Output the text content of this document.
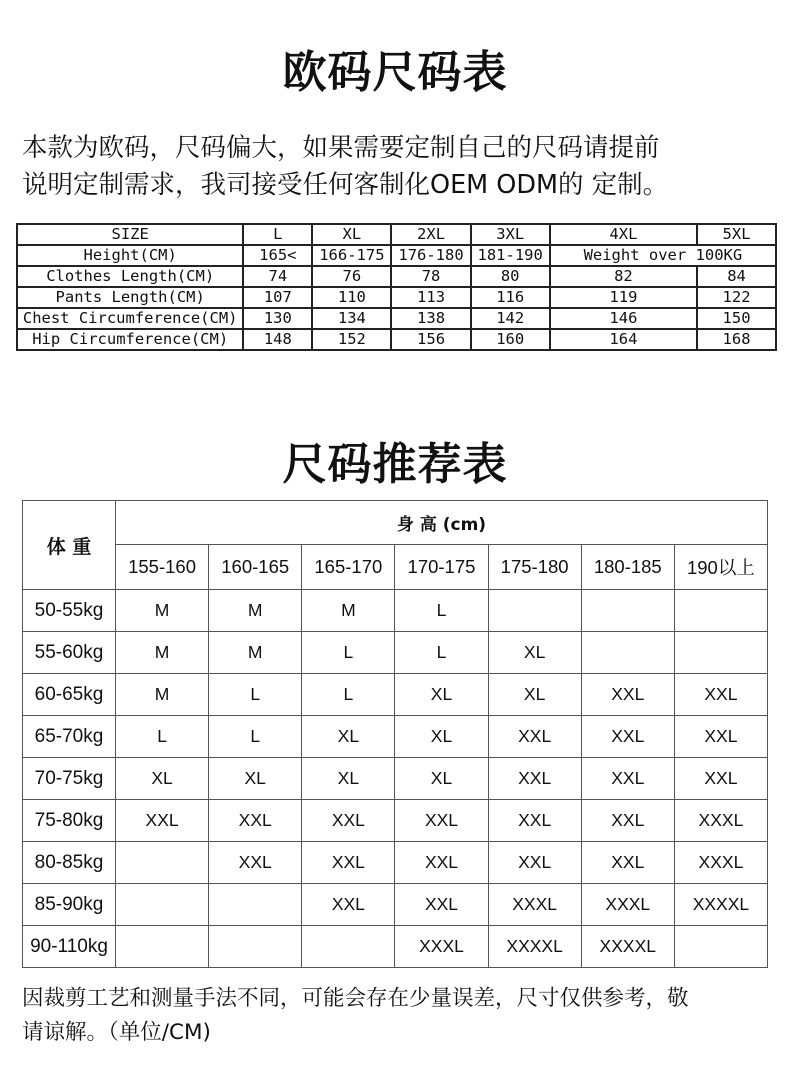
欧码尺码表
本款为欧码，尺码偏大，如果需要定制自己的尺码请提前
说明定制需求，我司接受任何客制化OEM ODM的 定制。
SIZE	L	XL	2XL	3XL	4XL	5XL
Height(CM)	165<	166-175	176-180	181-190	Weight over 100KG	
Clothes Length(CM)	74	76	78	80	82	84
Pants Length(CM)	107	110	113	116	119	122
Chest Circumference(CM)	130	134	138	142	146	150
Hip Circumference(CM)	148	152	156	160	164	168
尺码推荐表
体 重	身 高 (cm)						
	155-160	160-165	165-170	170-175	175-180	180-185	190以上
50-55kg	M	M	M	L			
55-60kg	M	M	L	L	XL		
60-65kg	M	L	L	XL	XL	XXL	XXL
65-70kg	L	L	XL	XL	XXL	XXL	XXL
70-75kg	XL	XL	XL	XL	XXL	XXL	XXL
75-80kg	XXL	XXL	XXL	XXL	XXL	XXL	XXXL
80-85kg		XXL	XXL	XXL	XXL	XXL	XXXL
85-90kg			XXL	XXL	XXXL	XXXL	XXXXL
90-110kg				XXXL	XXXXL	XXXXL	
因裁剪工艺和测量手法不同，可能会存在少量误差，尺寸仅供参考，敬
请谅解。（单位/CM)
